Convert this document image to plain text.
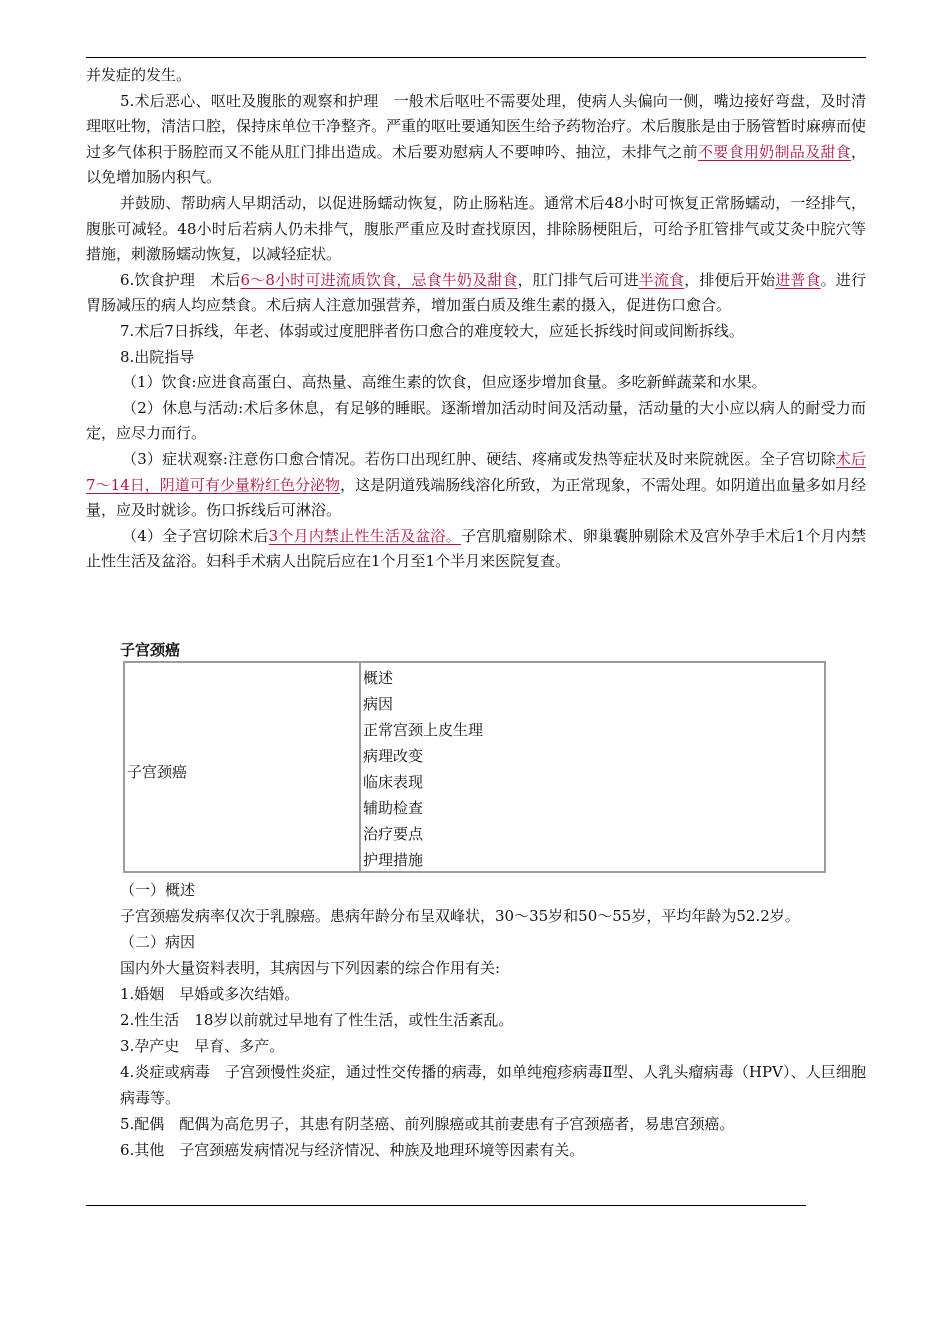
并发症的发生。

5.术后恶心、呕吐及腹胀的观察和护理　一般术后呕吐不需要处理，使病人头偏向一侧，嘴边接好弯盘，及时清理呕吐物，清洁口腔，保持床单位干净整齐。严重的呕吐要通知医生给予药物治疗。术后腹胀是由于肠管暂时麻痹而使过多气体积于肠腔而又不能从肛门排出造成。术后要劝慰病人不要呻吟、抽泣，未排气之前不要食用奶制品及甜食，以免增加肠内积气。

并鼓励、帮助病人早期活动，以促进肠蠕动恢复，防止肠粘连。通常术后48小时可恢复正常肠蠕动，一经排气，腹胀可减轻。48小时后若病人仍未排气，腹胀严重应及时查找原因，排除肠梗阻后，可给予肛管排气或艾灸中脘穴等措施，刺激肠蠕动恢复，以减轻症状。

6.饮食护理　术后6～8小时可进流质饮食，忌食牛奶及甜食，肛门排气后可进半流食，排便后开始进普食。进行胃肠减压的病人均应禁食。术后病人注意加强营养，增加蛋白质及维生素的摄入，促进伤口愈合。

7.术后7日拆线，年老、体弱或过度肥胖者伤口愈合的难度较大，应延长拆线时间或间断拆线。

8.出院指导

（1）饮食:应进食高蛋白、高热量、高维生素的饮食，但应逐步增加食量。多吃新鲜蔬菜和水果。

（2）休息与活动:术后多休息，有足够的睡眠。逐渐增加活动时间及活动量，活动量的大小应以病人的耐受力而定，应尽力而行。

（3）症状观察:注意伤口愈合情况。若伤口出现红肿、硬结、疼痛或发热等症状及时来院就医。全子宫切除术后7～14日，阴道可有少量粉红色分泌物，这是阴道残端肠线溶化所致，为正常现象，不需处理。如阴道出血量多如月经量，应及时就诊。伤口拆线后可淋浴。

（4）全子宫切除术后3个月内禁止性生活及盆浴。子宫肌瘤剔除术、卵巢囊肿剔除术及宫外孕手术后1个月内禁止性生活及盆浴。妇科手术病人出院后应在1个月至1个半月来医院复查。

子宫颈癌
子宫颈癌
概述
病因
正常宫颈上皮生理
病理改变
临床表现
辅助检查
治疗要点
护理措施

（一）概述

子宫颈癌发病率仅次于乳腺癌。患病年龄分布呈双峰状，30～35岁和50～55岁，平均年龄为52.2岁。

（二）病因

国内外大量资料表明，其病因与下列因素的综合作用有关:

1.婚姻　早婚或多次结婚。

2.性生活　18岁以前就过早地有了性生活，或性生活紊乱。

3.孕产史　早育、多产。

4.炎症或病毒　子宫颈慢性炎症，通过性交传播的病毒，如单纯疱疹病毒Ⅱ型、人乳头瘤病毒（HPV）、人巨细胞病毒等。

5.配偶　配偶为高危男子，其患有阴茎癌、前列腺癌或其前妻患有子宫颈癌者，易患宫颈癌。

6.其他　子宫颈癌发病情况与经济情况、种族及地理环境等因素有关。
